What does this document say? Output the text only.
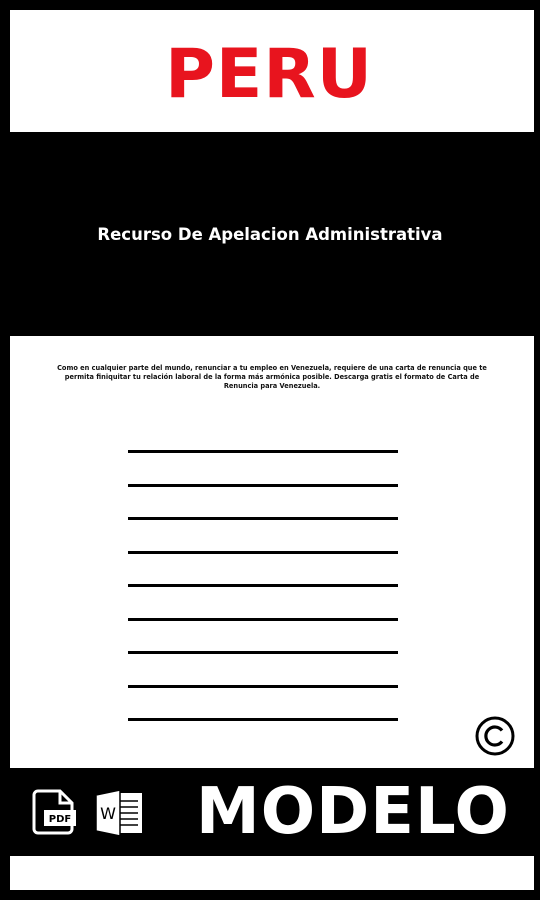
PERU
Recurso De Apelacion Administrativa
Como en cualquier parte del mundo, renunciar a tu empleo en Venezuela, requiere de una carta de renuncia que te permita finiquitar tu relación laboral de la forma más armónica posible. Descarga gratis el formato de Carta de Renuncia para Venezuela.
PDF W MODELO
